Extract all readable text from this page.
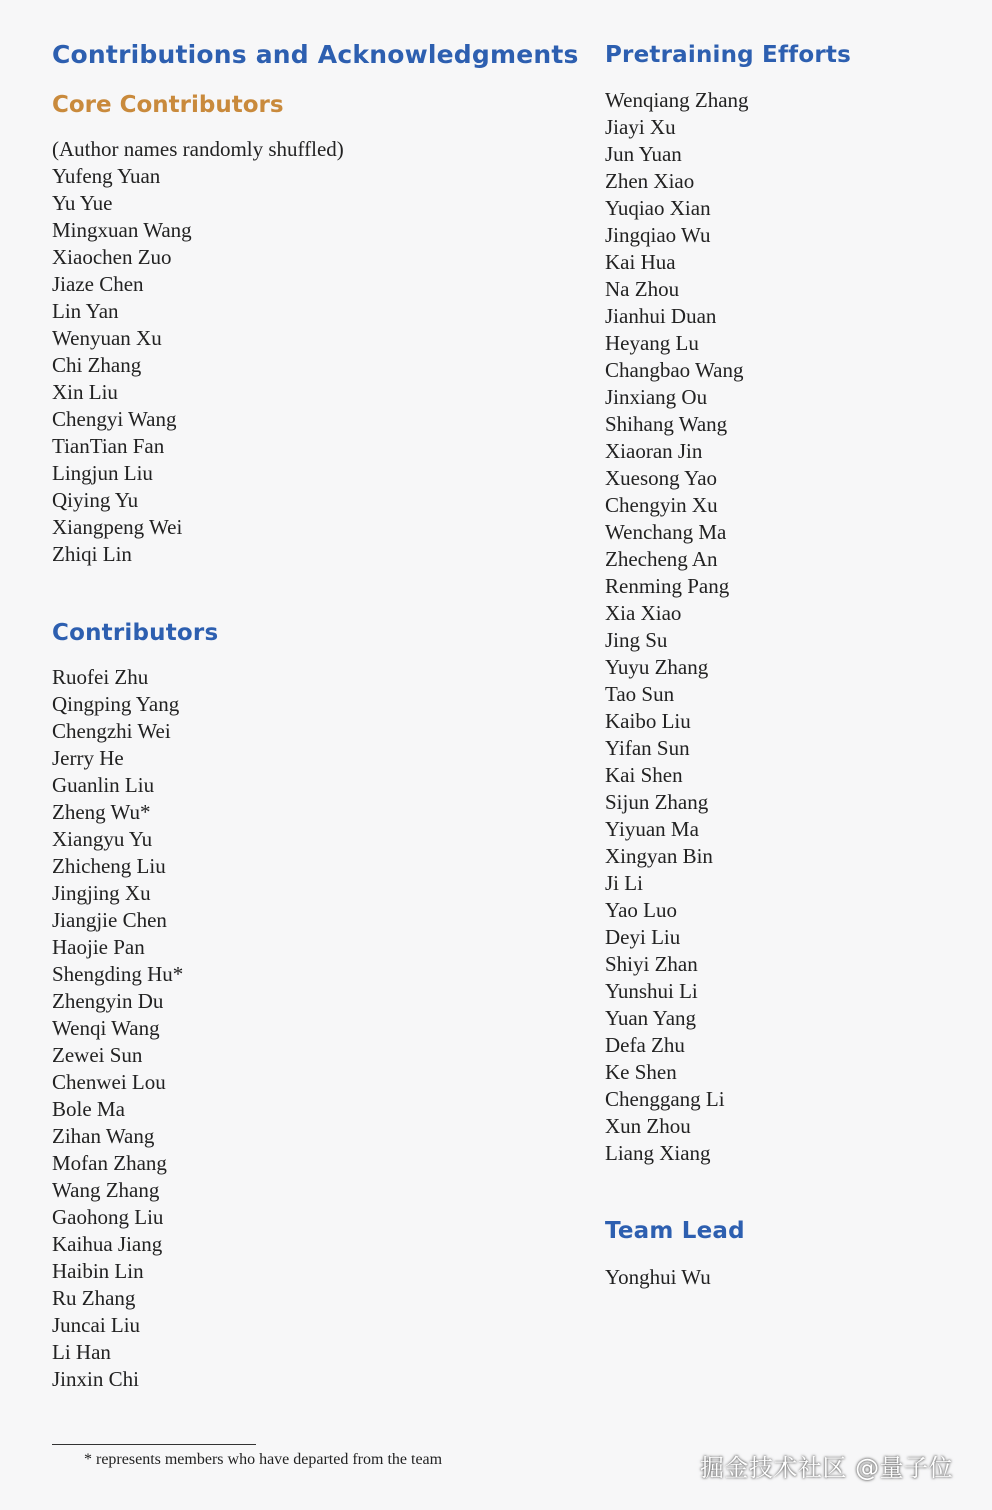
Contributions and Acknowledgments
Core Contributors
(Author names randomly shuffled)
Yufeng Yuan
Yu Yue
Mingxuan Wang
Xiaochen Zuo
Jiaze Chen
Lin Yan
Wenyuan Xu
Chi Zhang
Xin Liu
Chengyi Wang
TianTian Fan
Lingjun Liu
Qiying Yu
Xiangpeng Wei
Zhiqi Lin
Contributors
Ruofei Zhu
Qingping Yang
Chengzhi Wei
Jerry He
Guanlin Liu
Zheng Wu*
Xiangyu Yu
Zhicheng Liu
Jingjing Xu
Jiangjie Chen
Haojie Pan
Shengding Hu*
Zhengyin Du
Wenqi Wang
Zewei Sun
Chenwei Lou
Bole Ma
Zihan Wang
Mofan Zhang
Wang Zhang
Gaohong Liu
Kaihua Jiang
Haibin Lin
Ru Zhang
Juncai Liu
Li Han
Jinxin Chi
Pretraining Efforts
Wenqiang Zhang
Jiayi Xu
Jun Yuan
Zhen Xiao
Yuqiao Xian
Jingqiao Wu
Kai Hua
Na Zhou
Jianhui Duan
Heyang Lu
Changbao Wang
Jinxiang Ou
Shihang Wang
Xiaoran Jin
Xuesong Yao
Chengyin Xu
Wenchang Ma
Zhecheng An
Renming Pang
Xia Xiao
Jing Su
Yuyu Zhang
Tao Sun
Kaibo Liu
Yifan Sun
Kai Shen
Sijun Zhang
Yiyuan Ma
Xingyan Bin
Ji Li
Yao Luo
Deyi Liu
Shiyi Zhan
Yunshui Li
Yuan Yang
Defa Zhu
Ke Shen
Chenggang Li
Xun Zhou
Liang Xiang
Team Lead
Yonghui Wu
* represents members who have departed from the team	掘金技术社区 @量子位
